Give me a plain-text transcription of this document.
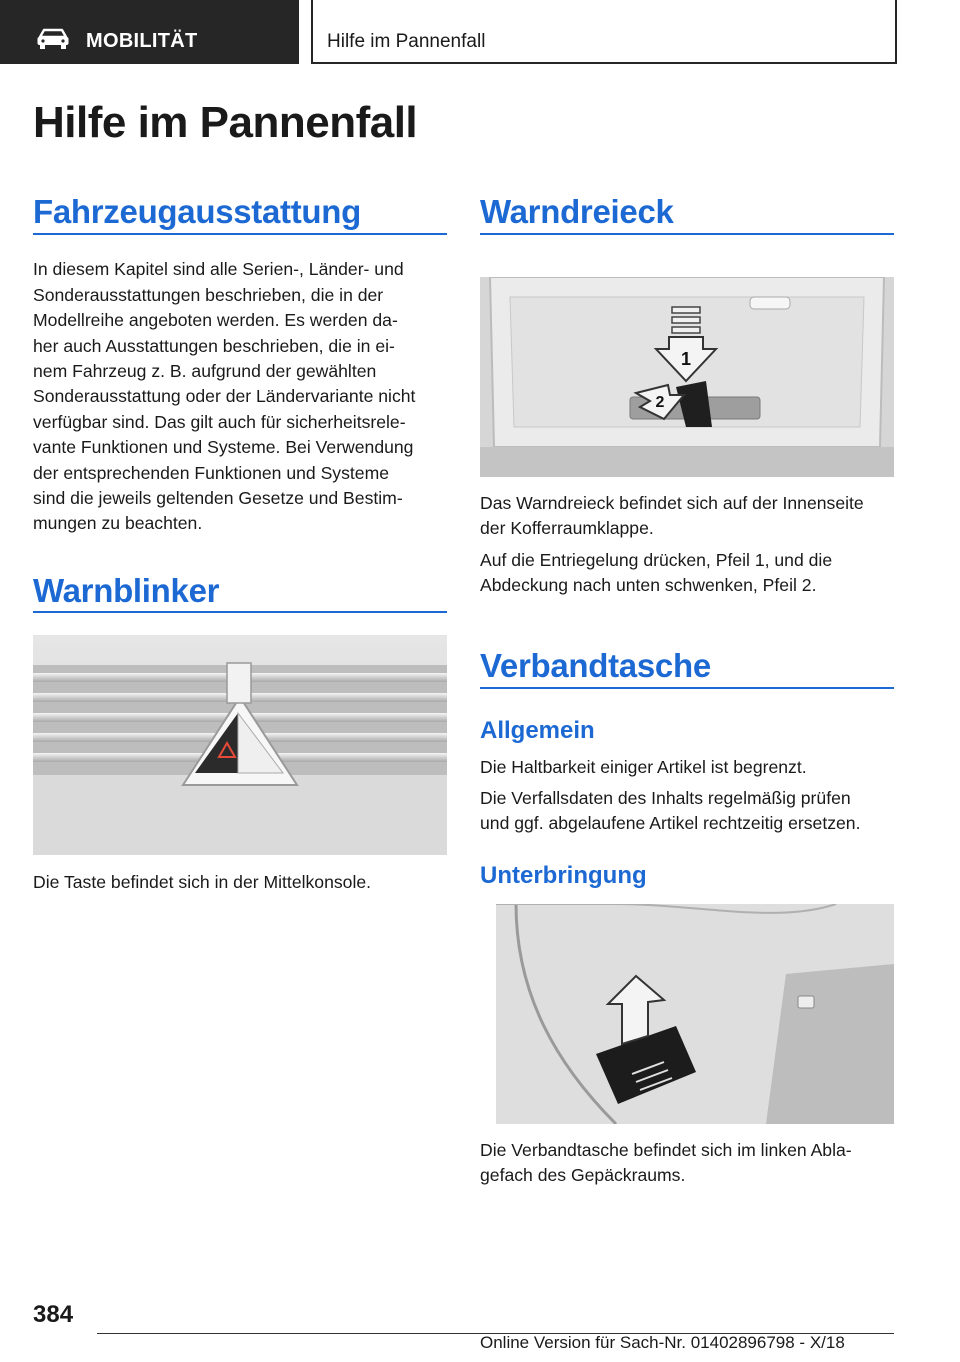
MOBILITÄT	Hilfe im Pannenfall
Hilfe im Pannenfall
Fahrzeugausstattung

In diesem Kapitel sind alle Serien-, Länder- und

Sonderausstattungen beschrieben, die in der

Modellreihe angeboten werden. Es werden da-

her auch Ausstattungen beschrieben, die in ei-

nem Fahrzeug z. B. aufgrund der gewählten

Sonderausstattung oder der Ländervariante nicht

verfügbar sind. Das gilt auch für sicherheitsrele-

vante Funktionen und Systeme. Bei Verwendung

der entsprechenden Funktionen und Systeme

sind die jeweils geltenden Gesetze und Bestim-

mungen zu beachten.

Warnblinker

Die Taste befindet sich in der Mittelkonsole.

Warndreieck
1
2

Das Warndreieck befindet sich auf der Innenseite

der Kofferraumklappe.

Auf die Entriegelung drücken, Pfeil 1, und die

Abdeckung nach unten schwenken, Pfeil 2.

Verbandtasche
Allgemein

Die Haltbarkeit einiger Artikel ist begrenzt.

Die Verfallsdaten des Inhalts regelmäßig prüfen

und ggf. abgelaufene Artikel rechtzeitig ersetzen.

Unterbringung

Die Verbandtasche befindet sich im linken Abla-

gefach des Gepäckraums.

384
Online Version für Sach-Nr. 01402896798 - X/18
